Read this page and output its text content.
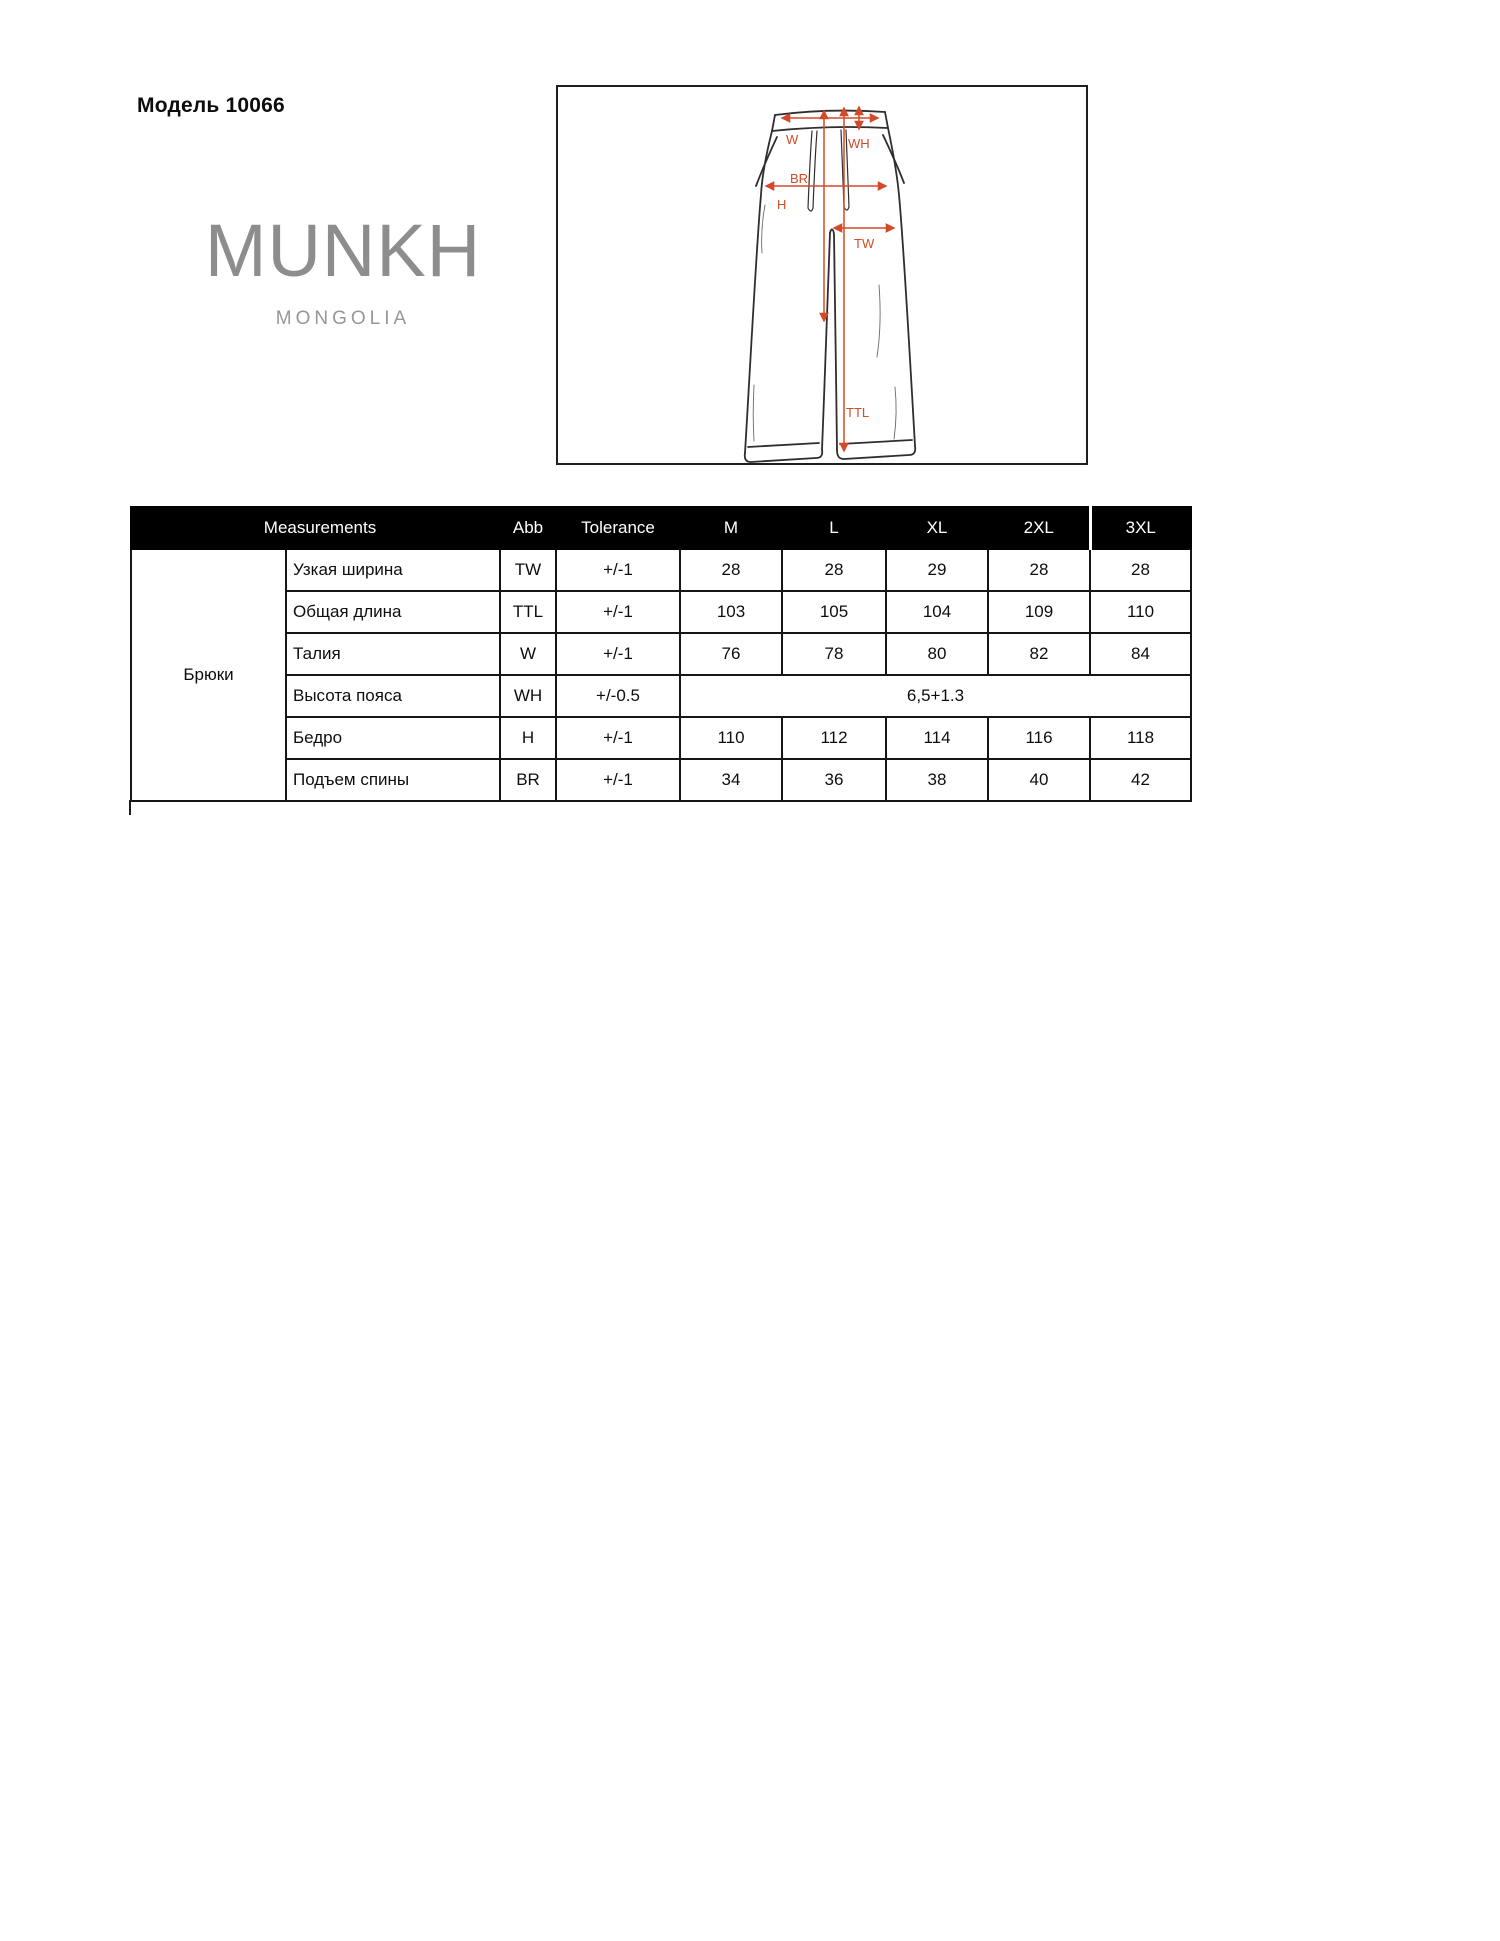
Модель 10066
MUNKH
MONGOLIA
W	WH
BR
H
TW
TTL
Measurements		Abb	Tolerance	M	L	XL	2XL	3XL
Брюки	Узкая ширина	TW	+/-1	28	28	29	28	28
	Общая длина	TTL	+/-1	103	105	104	109	110
	Талия	W	+/-1	76	78	80	82	84
	Высота пояса	WH	+/-0.5	6,5+1.3				
	Бедро	H	+/-1	110	112	114	116	118
	Подъем спины	BR	+/-1	34	36	38	40	42
